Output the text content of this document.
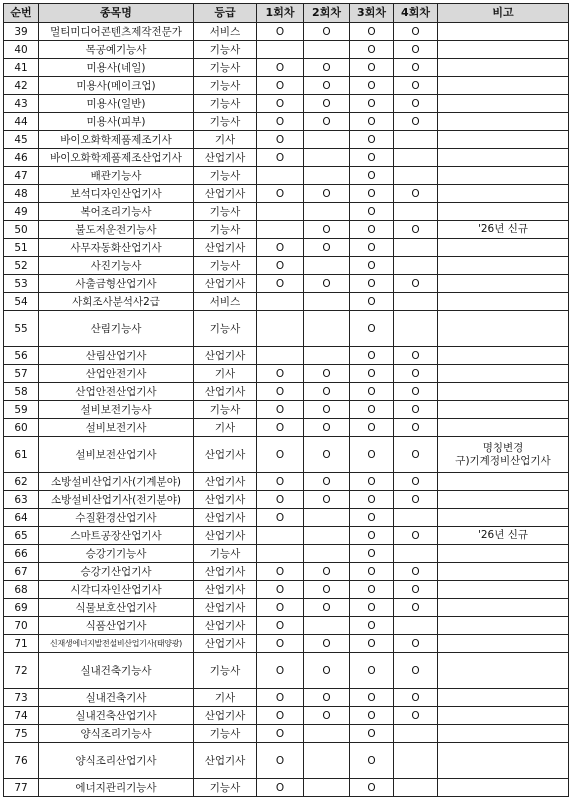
순번	종목명	등급	1회차	2회차	3회차	4회차	비고
39	멀티미디어콘텐츠제작전문가	서비스	O	O	O	O	
40	목공예기능사	기능사			O	O	
41	미용사(네일)	기능사	O	O	O	O	
42	미용사(메이크업)	기능사	O	O	O	O	
43	미용사(일반)	기능사	O	O	O	O	
44	미용사(피부)	기능사	O	O	O	O	
45	바이오화학제품제조기사	기사	O		O		
46	바이오화학제품제조산업기사	산업기사	O		O		
47	배관기능사	기능사			O		
48	보석디자인산업기사	산업기사	O	O	O	O	
49	복어조리기능사	기능사			O		
50	불도저운전기능사	기능사		O	O	O	'26년 신규
51	사무자동화산업기사	산업기사	O	O	O		
52	사진기능사	기능사	O		O		
53	사출금형산업기사	산업기사	O	O	O	O	
54	사회조사분석사2급	서비스			O		
55	산림기능사	기능사			O		
56	산림산업기사	산업기사			O	O	
57	산업안전기사	기사	O	O	O	O	
58	산업안전산업기사	산업기사	O	O	O	O	
59	설비보전기능사	기능사	O	O	O	O	
60	설비보전기사	기사	O	O	O	O	
61	설비보전산업기사	산업기사	O	O	O	O	명칭변경
구)기계정비산업기사
62	소방설비산업기사(기계분야)	산업기사	O	O	O	O	
63	소방설비산업기사(전기분야)	산업기사	O	O	O	O	
64	수질환경산업기사	산업기사	O		O		
65	스마트공장산업기사	산업기사			O	O	'26년 신규
66	승강기기능사	기능사			O		
67	승강기산업기사	산업기사	O	O	O	O	
68	시각디자인산업기사	산업기사	O	O	O	O	
69	식물보호산업기사	산업기사	O	O	O	O	
70	식품산업기사	산업기사	O		O		
71	신재생에너지발전설비산업기사(태양광)	산업기사	O	O	O	O	
72	실내건축기능사	기능사	O	O	O	O	
73	실내건축기사	기사	O	O	O	O	
74	실내건축산업기사	산업기사	O	O	O	O	
75	양식조리기능사	기능사	O		O		
76	양식조리산업기사	산업기사	O		O		
77	에너지관리기능사	기능사	O		O		
